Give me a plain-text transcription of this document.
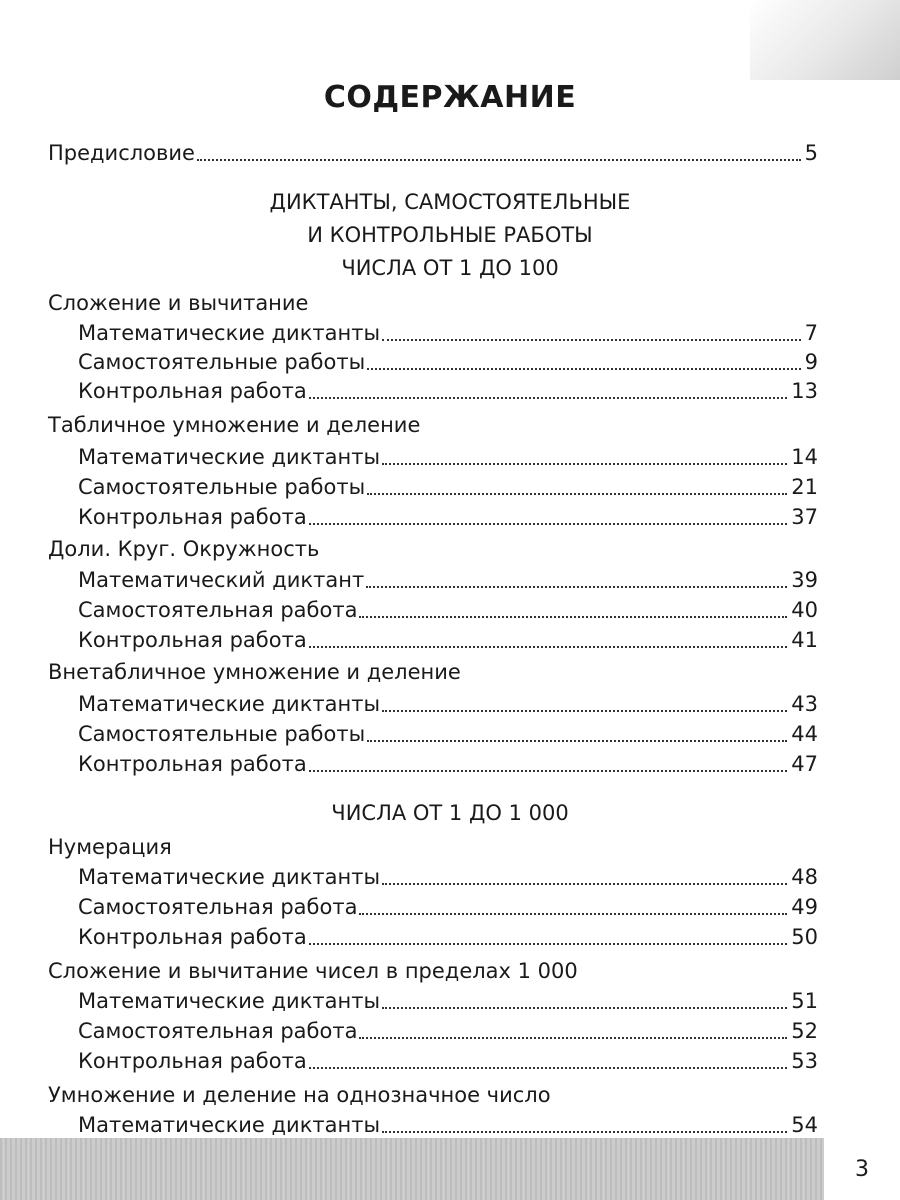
СОДЕРЖАНИЕ
Предисловие	5
ДИКТАНТЫ, САМОСТОЯТЕЛЬНЫЕ
И КОНТРОЛЬНЫЕ РАБОТЫ
ЧИСЛА ОТ 1 ДО 100
Сложение и вычитание
Математические диктанты	7
Самостоятельные работы	9
Контрольная работа	13
Табличное умножение и деление
Математические диктанты	14
Самостоятельные работы	21
Контрольная работа	37
Доли. Круг. Окружность
Математический диктант	39
Самостоятельная работа	40
Контрольная работа	41
Внетабличное умножение и деление
Математические диктанты	43
Самостоятельные работы	44
Контрольная работа	47
ЧИСЛА ОТ 1 ДО 1 000
Нумерация
Математические диктанты	48
Самостоятельная работа	49
Контрольная работа	50
Сложение и вычитание чисел в пределах 1 000
Математические диктанты	51
Самостоятельная работа	52
Контрольная работа	53
Умножение и деление на однозначное число
Математические диктанты	54
3
